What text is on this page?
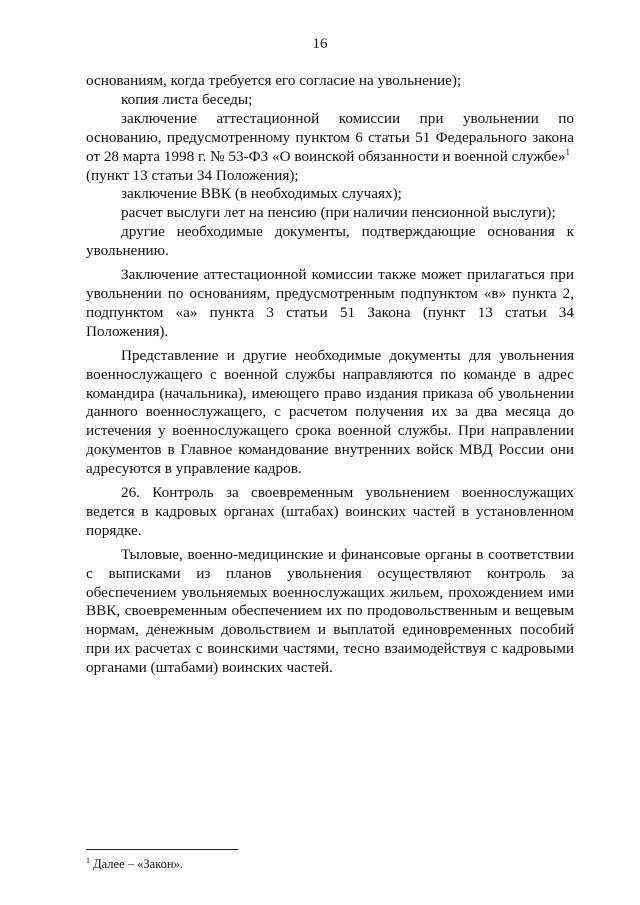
16

основаниям, когда требуется его согласие на увольнение);

копия листа беседы;

заключение аттестационной комиссии при увольнении по основанию, предусмотренному пунктом 6 статьи 51 Федерального закона от 28 марта 1998 г. № 53-ФЗ «О воинской обязанности и военной службе»$^1$

(пункт 13 статьи 34 Положения);

заключение ВВК (в необходимых случаях);

расчет выслуги лет на пенсию (при наличии пенсионной выслуги);

другие необходимые документы, подтверждающие основания к увольнению.

Заключение аттестационной комиссии также может прилагаться при увольнении по основаниям, предусмотренным подпунктом «в» пункта 2, подпунктом «а» пункта 3 статьи 51 Закона (пункт 13 статьи 34 Положения).

Представление и другие необходимые документы для увольнения военнослужащего с военной службы направляются по команде в адрес командира (начальника), имеющего право издания приказа об увольнении данного военнослужащего, с расчетом получения их за два месяца до истечения у военнослужащего срока военной службы. При направлении документов в Главное командование внутренних войск МВД России они адресуются в управление кадров.

26. Контроль за своевременным увольнением военнослужащих ведется в кадровых органах (штабах) воинских частей в установленном порядке.

Тыловые, военно-медицинские и финансовые органы в соответствии с выписками из планов увольнения осуществляют контроль за обеспечением увольняемых военнослужащих жильем, прохождением ими ВВК, своевременным обеспечением их по продовольственным и вещевым нормам, денежным довольствием и выплатой единовременных пособий при их расчетах с воинскими частями, тесно взаимодействуя с кадровыми органами (штабами) воинских частей.

$^1$ Далее – «Закон».
